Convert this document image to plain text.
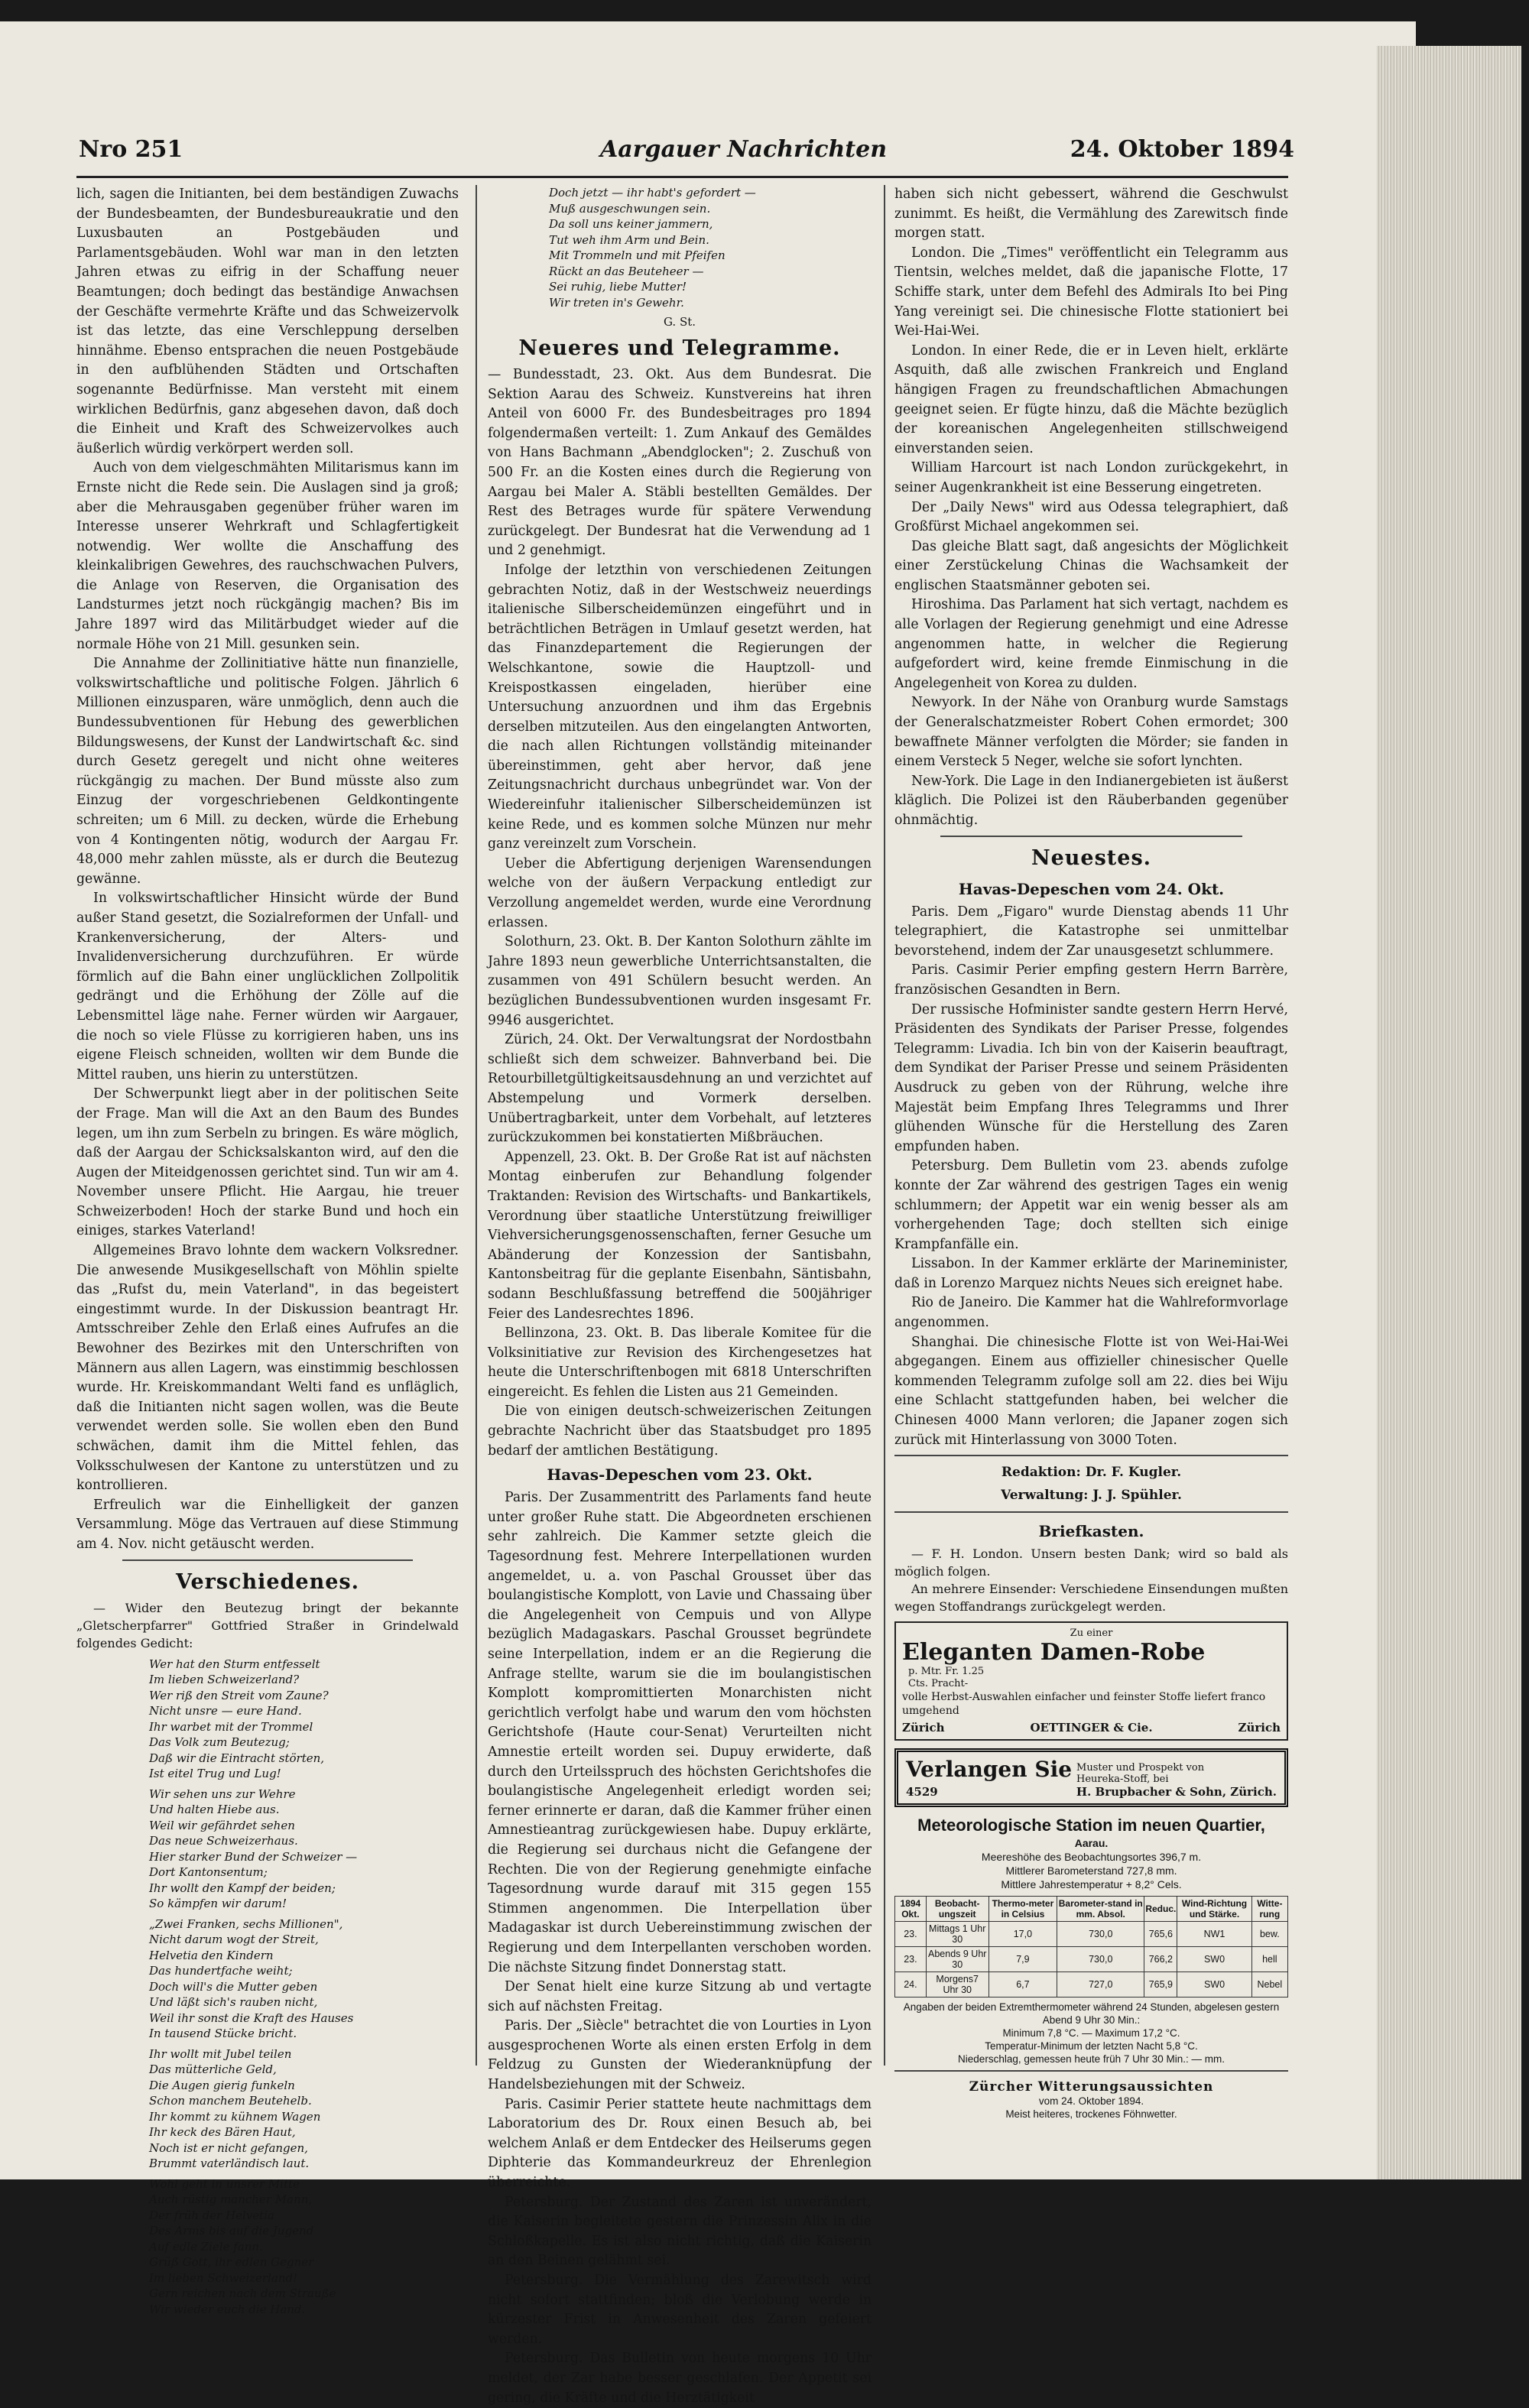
Nro 251	Aargauer Nachrichten	24. Oktober 1894

lich, sagen die Initianten, bei dem beständigen Zuwachs der Bundesbeamten, der Bundesbureaukratie und den Luxusbauten an Postgebäuden und Parlamentsgebäuden. Wohl war man in den letzten Jahren etwas zu eifrig in der Schaffung neuer Beamtungen; doch bedingt das beständige Anwachsen der Geschäfte vermehrte Kräfte und das Schweizervolk ist das letzte, das eine Verschleppung derselben hinnähme. Ebenso entsprachen die neuen Postgebäude in den aufblühenden Städten und Ortschaften sogenannte Bedürfnisse. Man versteht mit einem wirklichen Bedürfnis, ganz abgesehen davon, daß doch die Einheit und Kraft des Schweizervolkes auch äußerlich würdig verkörpert werden soll.

Auch von dem vielgeschmähten Militarismus kann im Ernste nicht die Rede sein. Die Auslagen sind ja groß; aber die Mehrausgaben gegenüber früher waren im Interesse unserer Wehrkraft und Schlagfertigkeit notwendig. Wer wollte die Anschaffung des kleinkalibrigen Gewehres, des rauchschwachen Pulvers, die Anlage von Reserven, die Organisation des Landsturmes jetzt noch rückgängig machen? Bis im Jahre 1897 wird das Militärbudget wieder auf die normale Höhe von 21 Mill. gesunken sein.

Die Annahme der Zollinitiative hätte nun finanzielle, volkswirtschaftliche und politische Folgen. Jährlich 6 Millionen einzusparen, wäre unmöglich, denn auch die Bundessubventionen für Hebung des gewerblichen Bildungswesens, der Kunst der Landwirtschaft &c. sind durch Gesetz geregelt und nicht ohne weiteres rückgängig zu machen. Der Bund müsste also zum Einzug der vorgeschriebenen Geldkontingente schreiten; um 6 Mill. zu decken, würde die Erhebung von 4 Kontingenten nötig, wodurch der Aargau Fr. 48,000 mehr zahlen müsste, als er durch die Beutezug gewänne.

In volkswirtschaftlicher Hinsicht würde der Bund außer Stand gesetzt, die Sozialreformen der Unfall- und Krankenversicherung, der Alters- und Invalidenversicherung durchzuführen. Er würde förmlich auf die Bahn einer unglücklichen Zollpolitik gedrängt und die Erhöhung der Zölle auf die Lebensmittel läge nahe. Ferner würden wir Aargauer, die noch so viele Flüsse zu korrigieren haben, uns ins eigene Fleisch schneiden, wollten wir dem Bunde die Mittel rauben, uns hierin zu unterstützen.

Der Schwerpunkt liegt aber in der politischen Seite der Frage. Man will die Axt an den Baum des Bundes legen, um ihn zum Serbeln zu bringen. Es wäre möglich, daß der Aargau der Schicksalskanton wird, auf den die Augen der Miteidgenossen gerichtet sind. Tun wir am 4. November unsere Pflicht. Hie Aargau, hie treuer Schweizerboden! Hoch der starke Bund und hoch ein einiges, starkes Vaterland!

Allgemeines Bravo lohnte dem wackern Volksredner. Die anwesende Musikgesellschaft von Möhlin spielte das „Rufst du, mein Vaterland", in das begeistert eingestimmt wurde. In der Diskussion beantragt Hr. Amtsschreiber Zehle den Erlaß eines Aufrufes an die Bewohner des Bezirkes mit den Unterschriften von Männern aus allen Lagern, was einstimmig beschlossen wurde. Hr. Kreiskommandant Welti fand es unfläglich, daß die Initianten nicht sagen wollen, was die Beute verwendet werden solle. Sie wollen eben den Bund schwächen, damit ihm die Mittel fehlen, das Volksschulwesen der Kantone zu unterstützen und zu kontrollieren.

Erfreulich war die Einhelligkeit der ganzen Versammlung. Möge das Vertrauen auf diese Stimmung am 4. Nov. nicht getäuscht werden.

Verschiedenes.

— Wider den Beutezug bringt der bekannte „Gletscherpfarrer" Gottfried Straßer in Grindelwald folgendes Gedicht:

Wer hat den Sturm entfesselt
Im lieben Schweizerland?
Wer riß den Streit vom Zaune?
Nicht unsre — eure Hand.
Ihr warbet mit der Trommel
Das Volk zum Beutezug;
Daß wir die Eintracht störten,
Ist eitel Trug und Lug!
Wir sehen uns zur Wehre
Und halten Hiebe aus.
Weil wir gefährdet sehen
Das neue Schweizerhaus.
Hier starker Bund der Schweizer —
Dort Kantonsentum;
Ihr wollt den Kampf der beiden;
So kämpfen wir darum!
„Zwei Franken, sechs Millionen",
Nicht darum wogt der Streit,
Helvetia den Kindern
Das hundertfache weiht;
Doch will's die Mutter geben
Und läßt sich's rauben nicht,
Weil ihr sonst die Kraft des Hauses
In tausend Stücke bricht.
Ihr wollt mit Jubel teilen
Das mütterliche Geld,
Die Augen gierig funkeln
Schon manchem Beutehelb.
Ihr kommt zu kühnem Wagen
Ihr keck des Bären Haut,
Noch ist er nicht gefangen,
Brummt vaterländisch laut.
Wohl geht in unsrer Mitte
Auch rüstig mancher Mann,
Der früh der Helvetia
Des Arms bis auf die Jugend
Auf edle Ziele fann.
Grüß Gott, ihr edlen Gegner
Im lieben Schweizerland!
Gern reichen nach dem Strauße
Wir wieder euch die Hand.
Doch jetzt — ihr habt's gefordert —
Muß ausgeschwungen sein.
Da soll uns keiner jammern,
Tut weh ihm Arm und Bein.
Mit Trommeln und mit Pfeifen
Rückt an das Beuteheer —
Sei ruhig, liebe Mutter!
Wir treten in's Gewehr.
G. St.
Neueres und Telegramme.

— Bundesstadt, 23. Okt. Aus dem Bundesrat. Die Sektion Aarau des Schweiz. Kunstvereins hat ihren Anteil von 6000 Fr. des Bundesbeitrages pro 1894 folgendermaßen verteilt: 1. Zum Ankauf des Gemäldes von Hans Bachmann „Abendglocken"; 2. Zuschuß von 500 Fr. an die Kosten eines durch die Regierung von Aargau bei Maler A. Stäbli bestellten Gemäldes. Der Rest des Betrages wurde für spätere Verwendung zurückgelegt. Der Bundesrat hat die Verwendung ad 1 und 2 genehmigt.

Infolge der letzthin von verschiedenen Zeitungen gebrachten Notiz, daß in der Westschweiz neuerdings italienische Silberscheidemünzen eingeführt und in beträchtlichen Beträgen in Umlauf gesetzt werden, hat das Finanzdepartement die Regierungen der Welschkantone, sowie die Hauptzoll- und Kreispostkassen eingeladen, hierüber eine Untersuchung anzuordnen und ihm das Ergebnis derselben mitzuteilen. Aus den eingelangten Antworten, die nach allen Richtungen vollständig miteinander übereinstimmen, geht aber hervor, daß jene Zeitungsnachricht durchaus unbegründet war. Von der Wiedereinfuhr italienischer Silberscheidemünzen ist keine Rede, und es kommen solche Münzen nur mehr ganz vereinzelt zum Vorschein.

Ueber die Abfertigung derjenigen Warensendungen welche von der äußern Verpackung entledigt zur Verzollung angemeldet werden, wurde eine Verordnung erlassen.

Solothurn, 23. Okt. B. Der Kanton Solothurn zählte im Jahre 1893 neun gewerbliche Unterrichtsanstalten, die zusammen von 491 Schülern besucht werden. An bezüglichen Bundessubventionen wurden insgesamt Fr. 9946 ausgerichtet.

Zürich, 24. Okt. Der Verwaltungsrat der Nordostbahn schließt sich dem schweizer. Bahnverband bei. Die Retourbilletgültigkeitsausdehnung an und verzichtet auf Abstempelung und Vormerk derselben. Unübertragbarkeit, unter dem Vorbehalt, auf letzteres zurückzukommen bei konstatierten Mißbräuchen.

Appenzell, 23. Okt. B. Der Große Rat ist auf nächsten Montag einberufen zur Behandlung folgender Traktanden: Revision des Wirtschafts- und Bankartikels, Verordnung über staatliche Unterstützung freiwilliger Viehversicherungsgenossenschaften, ferner Gesuche um Abänderung der Konzession der Santisbahn, Kantonsbeitrag für die geplante Eisenbahn, Säntisbahn, sodann Beschlußfassung betreffend die 500jähriger Feier des Landesrechtes 1896.

Bellinzona, 23. Okt. B. Das liberale Komitee für die Volksinitiative zur Revision des Kirchengesetzes hat heute die Unterschriftenbogen mit 6818 Unterschriften eingereicht. Es fehlen die Listen aus 21 Gemeinden.

Die von einigen deutsch-schweizerischen Zeitungen gebrachte Nachricht über das Staatsbudget pro 1895 bedarf der amtlichen Bestätigung.

Havas-Depeschen vom 23. Okt.

Paris. Der Zusammentritt des Parlaments fand heute unter großer Ruhe statt. Die Abgeordneten erschienen sehr zahlreich. Die Kammer setzte gleich die Tagesordnung fest. Mehrere Interpellationen wurden angemeldet, u. a. von Paschal Grousset über das boulangistische Komplott, von Lavie und Chassaing über die Angelegenheit von Cempuis und von Allype bezüglich Madagaskars. Paschal Grousset begründete seine Interpellation, indem er an die Regierung die Anfrage stellte, warum sie die im boulangistischen Komplott kompromittierten Monarchisten nicht gerichtlich verfolgt habe und warum den vom höchsten Gerichtshofe (Haute cour-Senat) Verurteilten nicht Amnestie erteilt worden sei. Dupuy erwiderte, daß durch den Urteilsspruch des höchsten Gerichtshofes die boulangistische Angelegenheit erledigt worden sei; ferner erinnerte er daran, daß die Kammer früher einen Amnestieantrag zurückgewiesen habe. Dupuy erklärte, die Regierung sei durchaus nicht die Gefangene der Rechten. Die von der Regierung genehmigte einfache Tagesordnung wurde darauf mit 315 gegen 155 Stimmen angenommen. Die Interpellation über Madagaskar ist durch Uebereinstimmung zwischen der Regierung und dem Interpellanten verschoben worden. Die nächste Sitzung findet Donnerstag statt.

Der Senat hielt eine kurze Sitzung ab und vertagte sich auf nächsten Freitag.

Paris. Der „Siècle" betrachtet die von Lourties in Lyon ausgesprochenen Worte als einen ersten Erfolg in dem Feldzug zu Gunsten der Wiederanknüpfung der Handelsbeziehungen mit der Schweiz.

Paris. Casimir Perier stattete heute nachmittags dem Laboratorium des Dr. Roux einen Besuch ab, bei welchem Anlaß er dem Entdecker des Heilserums gegen Diphterie das Kommandeurkreuz der Ehrenlegion überreichte.

Petersburg. Der Zustand des Zaren ist unverändert, die Kaiserin begleitete gestern die Prinzessin Alix in die Schloßkapelle. Es ist also nicht richtig, daß die Kaiserin an den Beinen gelähmt sei.

Petersburg. Die Vermählung des Zarewitsch wird nicht sofort stattfinden; bloß die Verlobung werde in kürzester Frist in Anwesenheit des Zaren gefeiert werden.

Petersburg. Das Bulletin von heute morgens 10 Uhr meldet, der Zar habe besser geschlafen. Der Appetit sei gering, die Kräfte und die Herztätigkeit

haben sich nicht gebessert, während die Geschwulst zunimmt. Es heißt, die Vermählung des Zarewitsch finde morgen statt.

London. Die „Times" veröffentlicht ein Telegramm aus Tientsin, welches meldet, daß die japanische Flotte, 17 Schiffe stark, unter dem Befehl des Admirals Ito bei Ping Yang vereinigt sei. Die chinesische Flotte stationiert bei Wei-Hai-Wei.

London. In einer Rede, die er in Leven hielt, erklärte Asquith, daß alle zwischen Frankreich und England hängigen Fragen zu freundschaftlichen Abmachungen geeignet seien. Er fügte hinzu, daß die Mächte bezüglich der koreanischen Angelegenheiten stillschweigend einverstanden seien.

William Harcourt ist nach London zurückgekehrt, in seiner Augenkrankheit ist eine Besserung eingetreten.

Der „Daily News" wird aus Odessa telegraphiert, daß Großfürst Michael angekommen sei.

Das gleiche Blatt sagt, daß angesichts der Möglichkeit einer Zerstückelung Chinas die Wachsamkeit der englischen Staatsmänner geboten sei.

Hiroshima. Das Parlament hat sich vertagt, nachdem es alle Vorlagen der Regierung genehmigt und eine Adresse angenommen hatte, in welcher die Regierung aufgefordert wird, keine fremde Einmischung in die Angelegenheit von Korea zu dulden.

Newyork. In der Nähe von Oranburg wurde Samstags der Generalschatzmeister Robert Cohen ermordet; 300 bewaffnete Männer verfolgten die Mörder; sie fanden in einem Versteck 5 Neger, welche sie sofort lynchten.

New-York. Die Lage in den Indianergebieten ist äußerst kläglich. Die Polizei ist den Räuberbanden gegenüber ohnmächtig.

Neuestes.
Havas-Depeschen vom 24. Okt.

Paris. Dem „Figaro" wurde Dienstag abends 11 Uhr telegraphiert, die Katastrophe sei unmittelbar bevorstehend, indem der Zar unausgesetzt schlummere.

Paris. Casimir Perier empfing gestern Herrn Barrère, französischen Gesandten in Bern.

Der russische Hofminister sandte gestern Herrn Hervé, Präsidenten des Syndikats der Pariser Presse, folgendes Telegramm: Livadia. Ich bin von der Kaiserin beauftragt, dem Syndikat der Pariser Presse und seinem Präsidenten Ausdruck zu geben von der Rührung, welche ihre Majestät beim Empfang Ihres Telegramms und Ihrer glühenden Wünsche für die Herstellung des Zaren empfunden haben.

Petersburg. Dem Bulletin vom 23. abends zufolge konnte der Zar während des gestrigen Tages ein wenig schlummern; der Appetit war ein wenig besser als am vorhergehenden Tage; doch stellten sich einige Krampfanfälle ein.

Lissabon. In der Kammer erklärte der Marineminister, daß in Lorenzo Marquez nichts Neues sich ereignet habe.

Rio de Janeiro. Die Kammer hat die Wahlreformvorlage angenommen.

Shanghai. Die chinesische Flotte ist von Wei-Hai-Wei abgegangen. Einem aus offizieller chinesischer Quelle kommenden Telegramm zufolge soll am 22. dies bei Wiju eine Schlacht stattgefunden haben, bei welcher die Chinesen 4000 Mann verloren; die Japaner zogen sich zurück mit Hinterlassung von 3000 Toten.

Redaktion: Dr. F. Kugler.
Verwaltung: J. J. Spühler.
Briefkasten.

— F. H. London. Unsern besten Dank; wird so bald als möglich folgen.

An mehrere Einsender: Verschiedene Einsendungen mußten wegen Stoffandrangs zurückgelegt werden.

Zu einer
Eleganten Damen-Robep. Mtr. Fr. 1.25
Cts. Pracht-
volle Herbst-Auswahlen einfacher und feinster Stoffe liefert franco umgehend
Zürich	OETTINGER & Cie.	Zürich
Verlangen Sie Muster und Prospekt von
Heureka-Stoff, bei
4529	H. Brupbacher & Sohn, Zürich.
Meteorologische Station im neuen Quartier,
Aarau.
Meereshöhe des Beobachtungsortes 396,7 m.
Mittlerer Barometerstand 727,8 mm.
Mittlere Jahrestemperatur + 8,2° Cels.
1894 Okt.	Beobacht-ungszeit	Thermo-meter in Celsius	Barometer-stand in mm. Absol.	Reduc.	Wind-Richtung und Stärke.	Witte-rung

23.	Mittags 1 Uhr 30	17,0	730,0	765,6	NW1	bew.
23.	Abends 9 Uhr 30	7,9	730,0	766,2	SW0	hell
24.	Morgens7 Uhr 30	6,7	727,0	765,9	SW0	Nebel
Angaben der beiden Extremthermometer während 24 Stunden, abgelesen gestern Abend 9 Uhr 30 Min.:
Minimum 7,8 °C. — Maximum 17,2 °C.
Temperatur-Minimum der letzten Nacht 5,8 °C.
Niederschlag, gemessen heute früh 7 Uhr 30 Min.: — mm.
Zürcher Witterungsaussichten
vom 24. Oktober 1894.
Meist heiteres, trockenes Föhnwetter.
